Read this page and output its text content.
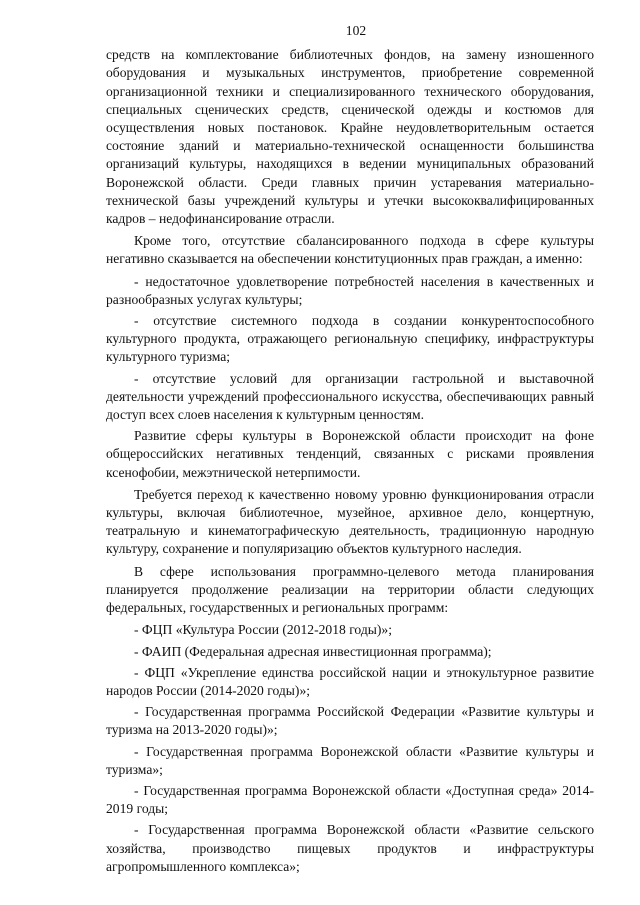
102

средств на комплектование библиотечных фондов, на замену изношенного оборудования и музыкальных инструментов, приобретение современной организационной техники и специализированного технического оборудования, специальных сценических средств, сценической одежды и костюмов для осуществления новых постановок. Крайне неудовлетворительным остается состояние зданий и материально-технической оснащенности большинства организаций культуры, находящихся в ведении муниципальных образований Воронежской области. Среди главных причин устаревания материально-технической базы учреждений культуры и утечки высококвалифицированных кадров – недофинансирование отрасли.

Кроме того, отсутствие сбалансированного подхода в сфере культуры негативно сказывается на обеспечении конституционных прав граждан, а именно:

- недостаточное удовлетворение потребностей населения в качественных и разнообразных услугах культуры;

- отсутствие системного подхода в создании конкурентоспособного культурного продукта, отражающего региональную специфику, инфраструктуры культурного туризма;

- отсутствие условий для организации гастрольной и выставочной деятельности учреждений профессионального искусства, обеспечивающих равный доступ всех слоев населения к культурным ценностям.

Развитие сферы культуры в Воронежской области происходит на фоне общероссийских негативных тенденций, связанных с рисками проявления ксенофобии, межэтнической нетерпимости.

Требуется переход к качественно новому уровню функционирования отрасли культуры, включая библиотечное, музейное, архивное дело, концертную, театральную и кинематографическую деятельность, традиционную народную культуру, сохранение и популяризацию объектов культурного наследия.

В сфере использования программно-целевого метода планирования планируется продолжение реализации на территории области следующих федеральных, государственных и региональных программ:

- ФЦП «Культура России (2012-2018 годы)»;

- ФАИП (Федеральная адресная инвестиционная программа);

- ФЦП «Укрепление единства российской нации и этнокультурное развитие народов России (2014-2020 годы)»;

- Государственная программа Российской Федерации «Развитие культуры и туризма на 2013-2020 годы)»;

- Государственная программа Воронежской области «Развитие культуры и туризма»;

- Государственная программа Воронежской области «Доступная среда» 2014-2019 годы;

- Государственная программа Воронежской области «Развитие сельского хозяйства, производство пищевых продуктов и инфраструктуры агропромышленного комплекса»;
